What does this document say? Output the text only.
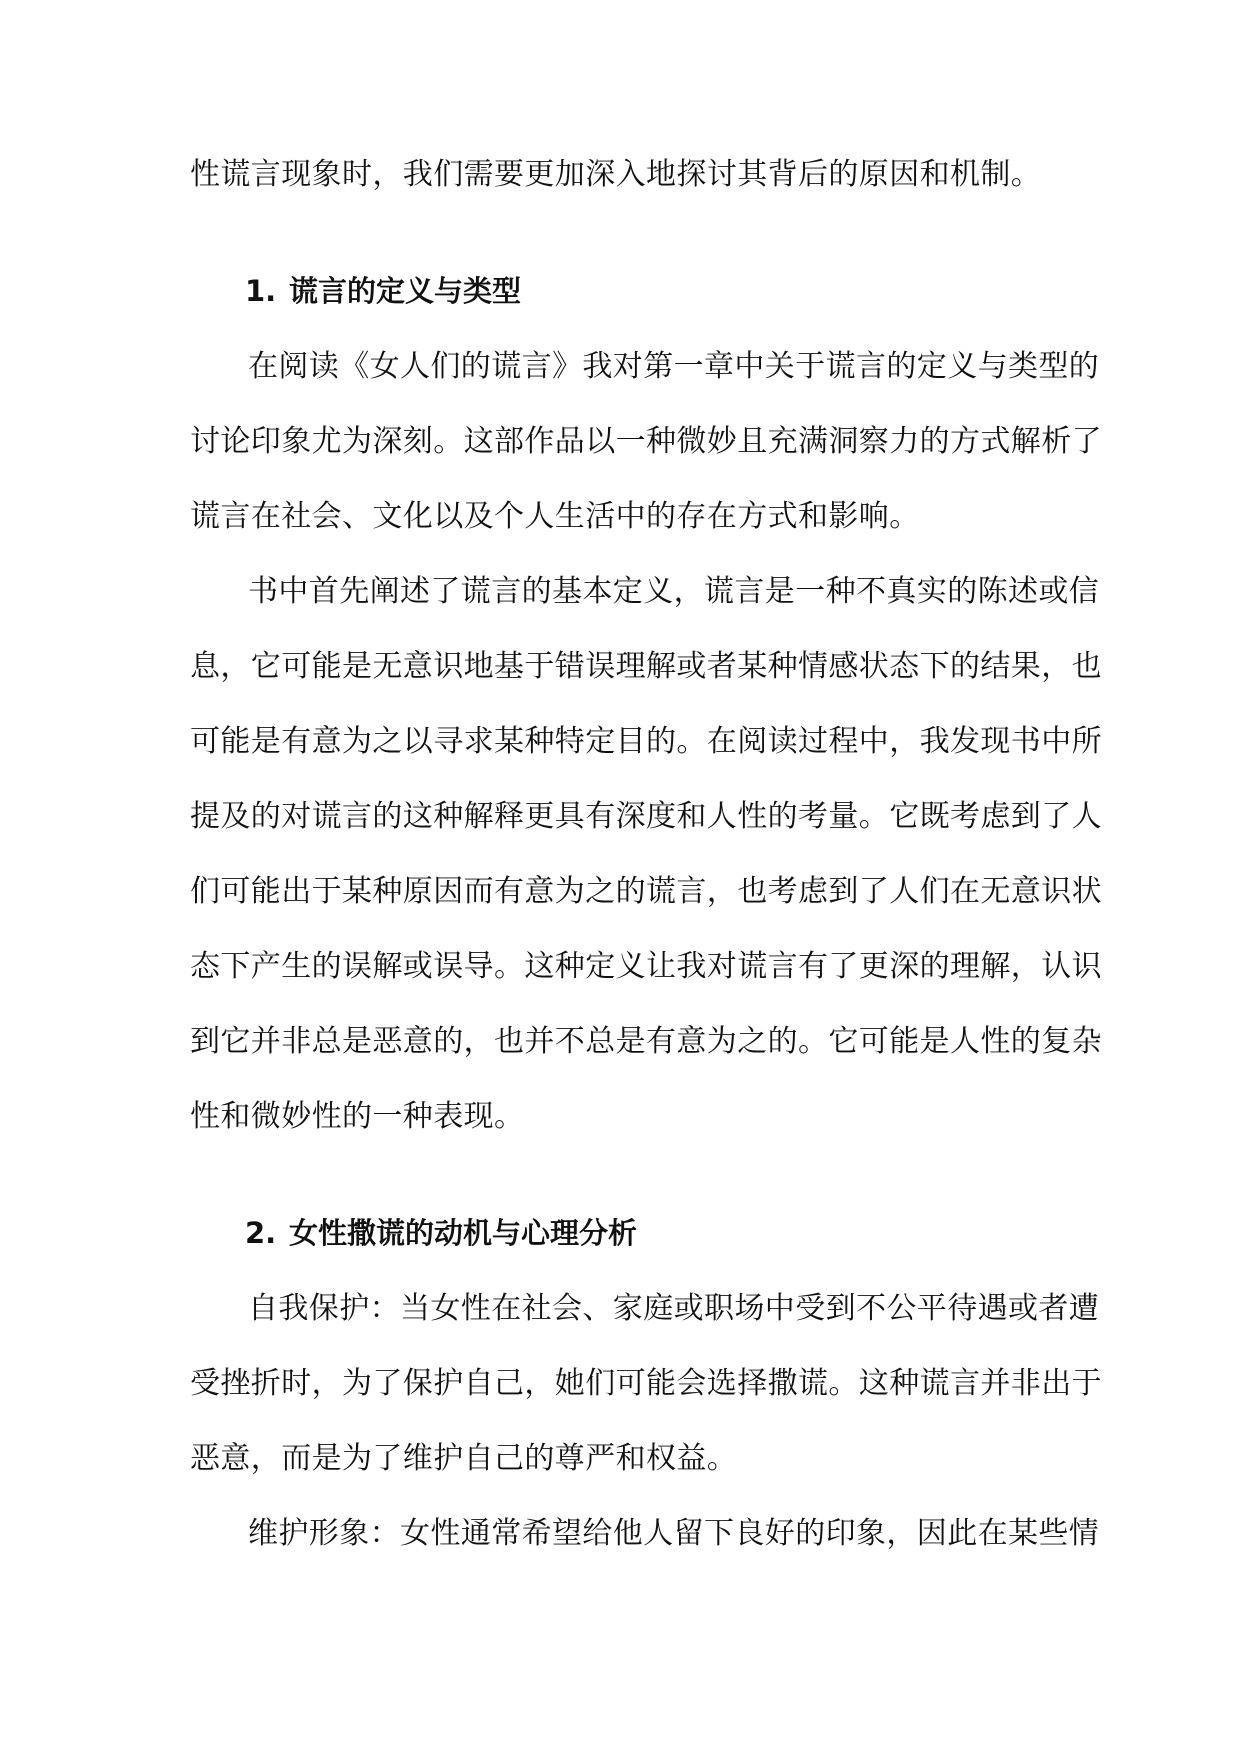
性谎言现象时，我们需要更加深入地探讨其背后的原因和机制。
1. 谎言的定义与类型
在阅读《女人们的谎言》我对第一章中关于谎言的定义与类型的
讨论印象尤为深刻。这部作品以一种微妙且充满洞察力的方式解析了
谎言在社会、文化以及个人生活中的存在方式和影响。
书中首先阐述了谎言的基本定义，谎言是一种不真实的陈述或信
息，它可能是无意识地基于错误理解或者某种情感状态下的结果，也
可能是有意为之以寻求某种特定目的。在阅读过程中，我发现书中所
提及的对谎言的这种解释更具有深度和人性的考量。它既考虑到了人
们可能出于某种原因而有意为之的谎言，也考虑到了人们在无意识状
态下产生的误解或误导。这种定义让我对谎言有了更深的理解，认识
到它并非总是恶意的，也并不总是有意为之的。它可能是人性的复杂
性和微妙性的一种表现。
2. 女性撒谎的动机与心理分析
自我保护：当女性在社会、家庭或职场中受到不公平待遇或者遭
受挫折时，为了保护自己，她们可能会选择撒谎。这种谎言并非出于
恶意，而是为了维护自己的尊严和权益。
维护形象：女性通常希望给他人留下良好的印象，因此在某些情
